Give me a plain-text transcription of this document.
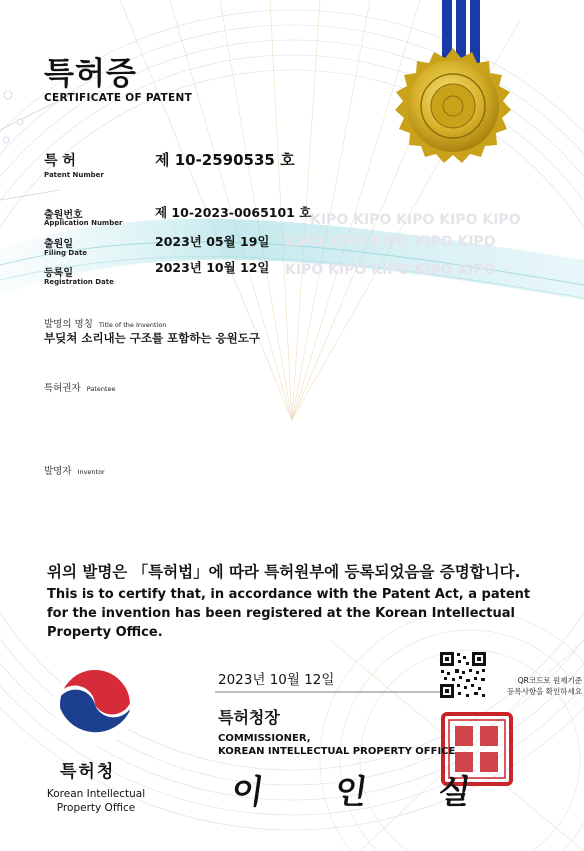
KIPO KIPO KIPO KIPO KIPO
KIPO KIPO KIPO KIPO KIPO
KIPO KIPO KIPO KIPO KIPO
특허증
CERTIFICATE OF PATENT
특 허
Patent Number
제 10-2590535 호
출원번호
Application Number
제 10-2023-0065101 호
출원일
Filing Date
2023년 05월 19일
등록일
Registration Date
2023년 10월 12일
발명의 명칭 Title of the Invention
부딪쳐 소리내는 구조를 포함하는 응원도구
특허권자 Patentee
발명자 Inventor
위의 발명은 「특허법」에 따라 특허원부에 등록되었음을 증명합니다.
This is to certify that, in accordance with the Patent Act, a patent for the invention has been registered at the Korean Intellectual Property Office.
2023년 10월 12일
특허청장
COMMISSIONER,
KOREAN INTELLECTUAL PROPERTY OFFICE
이 인 실
특허청
Korean Intellectual
Property Office
QR코드로 원제기준
등록사항을 확인하세요
